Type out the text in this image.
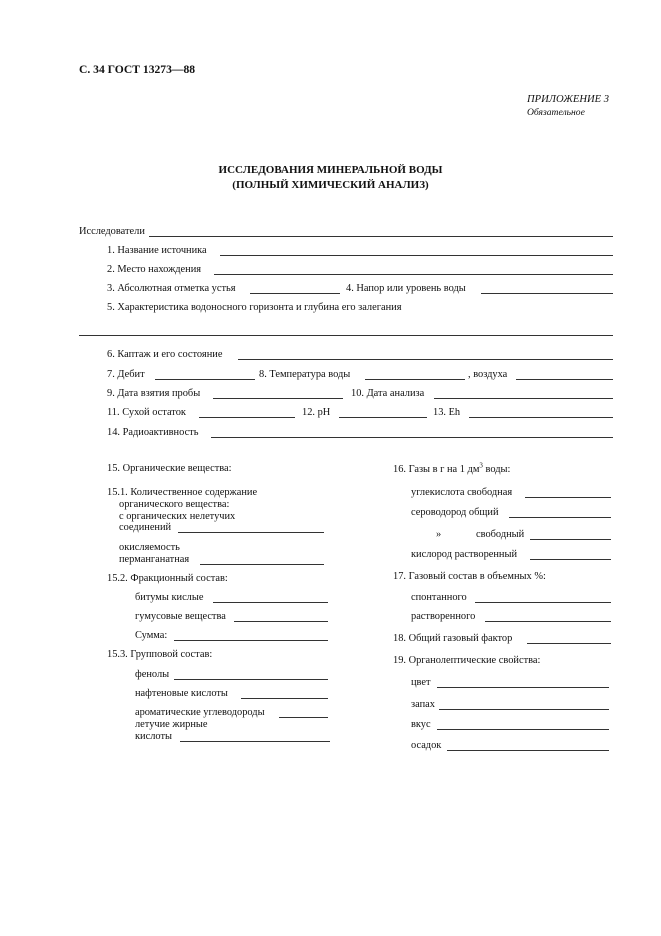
С. 34 ГОСТ 13273—88
ПРИЛОЖЕНИЕ 3
Обязательное
ИССЛЕДОВАНИЯ МИНЕРАЛЬНОЙ ВОДЫ
(ПОЛНЫЙ ХИМИЧЕСКИЙ АНАЛИЗ)
Исследователи
1. Название источника
2. Место нахождения
3. Абсолютная отметка устья	4. Напор или уровень воды
5. Характеристика водоносного горизонта и глубина его залегания
6. Каптаж и его состояние
7. Дебит	8. Температура воды	, воздуха
9. Дата взятия пробы	10. Дата анализа
11. Сухой остаток	12. pH	13. Eh
14. Радиоактивность
15. Органические вещества:
15.1. Количественное содержание
органического вещества:
с органических нелетучих
соединений
окисляемость
перманганатная
15.2. Фракционный состав:
битумы кислые
гумусовые вещества
Сумма:
15.3. Групповой состав:
фенолы
нафтеновые кислоты
ароматические углеводороды
летучие жирные
кислоты
16. Газы в г на 1 $дм^3$ воды:
углекислота свободная
сероводород общий
»	свободный
кислород растворенный
17. Газовый состав в объемных %:
спонтанного
растворенного
18. Общий газовый фактор
19. Органолептические свойства:
цвет
запах
вкус
осадок
